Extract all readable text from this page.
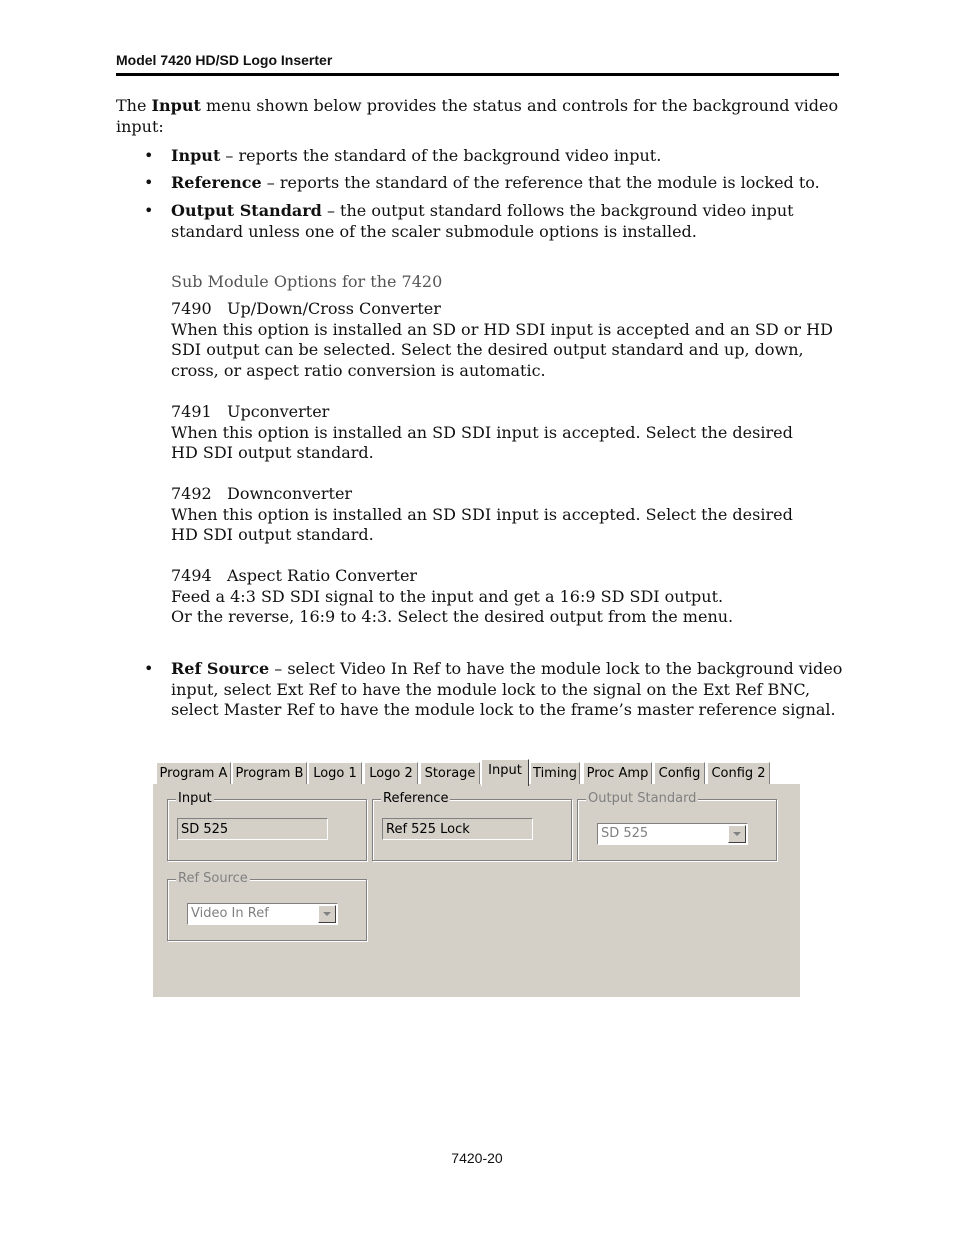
Model 7420 HD/SD Logo Inserter

The Input menu shown below provides the status and controls for the background video
input:

• Input – reports the standard of the background video input.

• Reference – reports the standard of the reference that the module is locked to.

• Output Standard – the output standard follows the background video input
standard unless one of the scaler submodule options is installed.

Sub Module Options for the 7420

7490 Up/Down/Cross Converter
When this option is installed an SD or HD SDI input is accepted and an SD or HD
SDI output can be selected. Select the desired output standard and up, down,
cross, or aspect ratio conversion is automatic.

7491 Upconverter
When this option is installed an SD SDI input is accepted. Select the desired
HD SDI output standard.

7492 Downconverter
When this option is installed an SD SDI input is accepted. Select the desired
HD SDI output standard.

7494 Aspect Ratio Converter
Feed a 4:3 SD SDI signal to the input and get a 16:9 SD SDI output.
Or the reverse, 16:9 to 4:3. Select the desired output from the menu.

• Ref Source – select Video In Ref to have the module lock to the background video
input, select Ext Ref to have the module lock to the signal on the Ext Ref BNC,
select Master Ref to have the module lock to the frame’s master reference signal.

Program A Program B Logo 1 Logo 2 Storage Input Timing Proc Amp Config Config 2
Input
SD 525
Reference
Ref 525 Lock
Output Standard
SD 525
Ref Source
Video In Ref
7420-20
